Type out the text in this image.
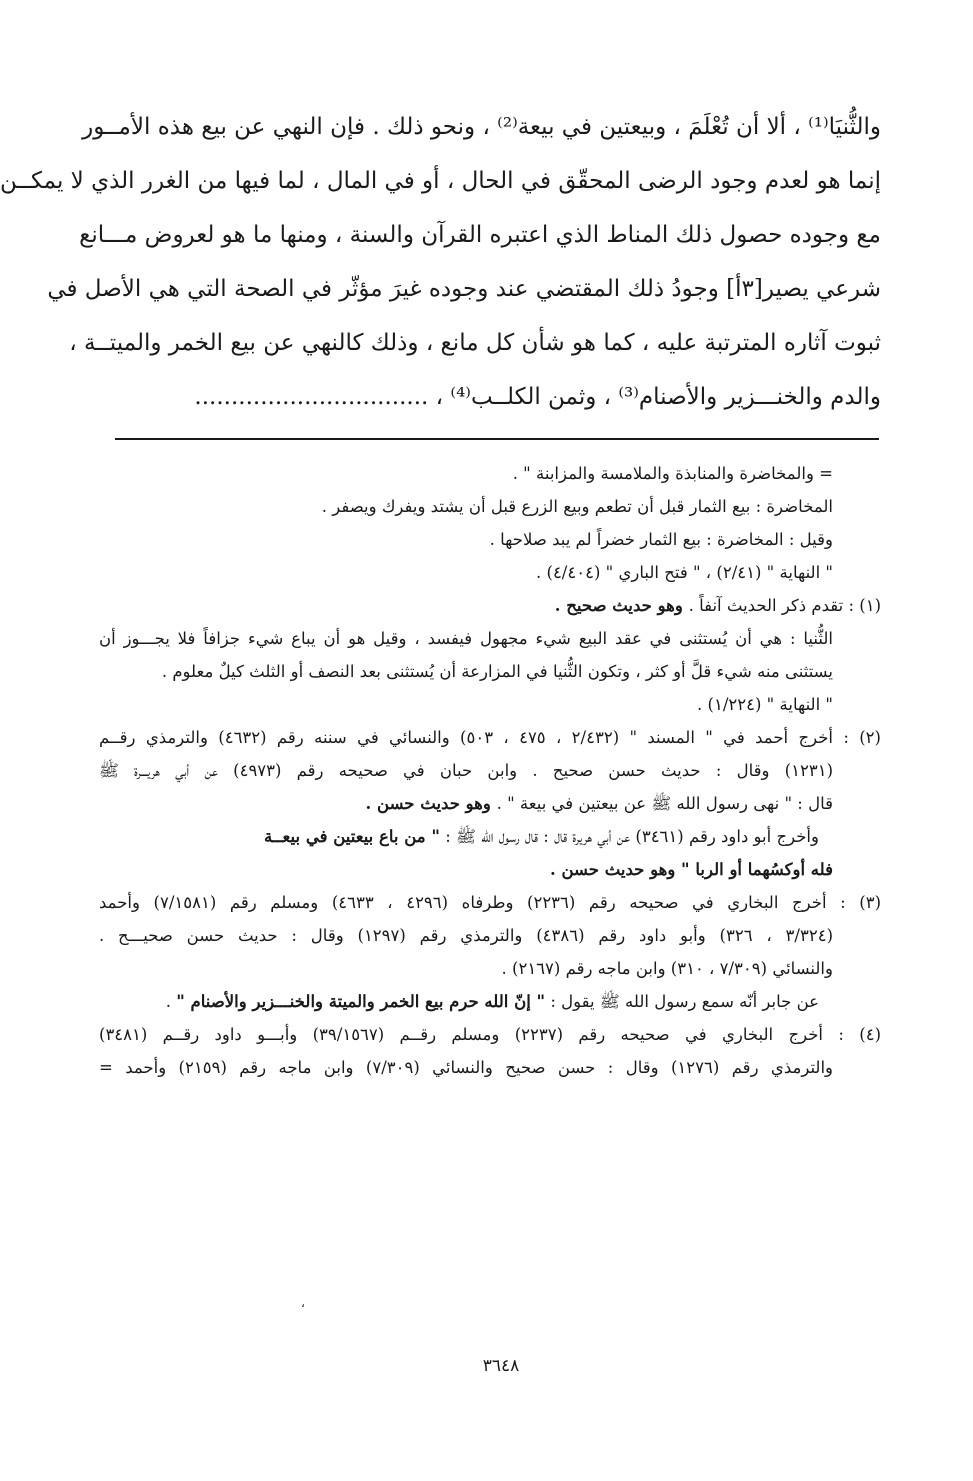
والثُّنيَا⁽¹⁾ ، ألا أن تُعْلَمَ ، وبيعتين في بيعة⁽²⁾ ، ونحو ذلك . فإن النهي عن بيع هذه الأمــور
إنما هو لعدم وجود الرضى المحقّق في الحال ، أو في المال ، لما فيها من الغرر الذي لا يمكــن
مع وجوده حصول ذلك المناط الذي اعتبره القرآن والسنة ، ومنها ما هو لعروض مـــانع
شرعي يصير[٣أ] وجودُ ذلك المقتضي عند وجوده غيرَ مؤثّر في الصحة التي هي الأصل في
ثبوت آثاره المترتبة عليه ، كما هو شأن كل مانع ، وذلك كالنهي عن بيع الخمر والميتــة ،
والدم والخنـــزير والأصنام⁽³⁾ ، وثمن الكلــب⁽⁴⁾ ، ................................
= والمخاضرة والمنابذة والملامسة والمزابنة " .
المخاضرة : بيع الثمار قبل أن تطعم وبيع الزرع قبل أن يشتد ويفرك ويصفر .
وقيل : المخاضرة : بيع الثمار خضراً لم يبد صلاحها .
" النهاية " (٢/٤١) ، " فتح الباري " (٤/٤٠٤) .
(١) : تقدم ذكر الحديث آنفاً . وهو حديث صحيح .
الثُّنيا : هي أن يُستثنى في عقد البيع شيء مجهول فيفسد ، وقيل هو أن يباع شيء جزافاً فلا يجـــوز أن
يستثنى منه شيء قلَّ أو كثر ، وتكون الثُّنيا في المزارعة أن يُستثنى بعد النصف أو الثلث كيلٌ معلوم .
" النهاية " (١/٢٢٤) .
(٢) : أخرج أحمد في " المسند " (٢/٤٣٢ ، ٤٧٥ ، ٥٠٣) والنسائي في سننه رقم (٤٦٣٢) والترمذي رقــم
(١٢٣١) وقال : حديث حسن صحيح . وابن حبان في صحيحه رقم (٤٩٧٣) عن أبي هريـــرة ﷺ
قال : " نهى رسول الله ﷺ عن بيعتين في بيعة " . وهو حديث حسن .
وأخرج أبو داود رقم (٣٤٦١) عن أبي هريرة قال : قال رسول الله ﷺ : " من باع بيعتين في بيعــة
فله أوكسُهما أو الربا " وهو حديث حسن .
(٣) : أخرج البخاري في صحيحه رقم (٢٢٣٦) وطرفاه (٤٢٩٦ ، ٤٦٣٣) ومسلم رقم (٧/١٥٨١) وأحمد
(٣/٣٢٤ ، ٣٢٦) وأبو داود رقم (٤٣٨٦) والترمذي رقم (١٢٩٧) وقال : حديث حسن صحيـــح .
والنسائي (٧/٣٠٩ ، ٣١٠) وابن ماجه رقم (٢١٦٧) .
عن جابر أنّه سمع رسول الله ﷺ يقول : " إنّ الله حرم بيع الخمر والميتة والخنـــزير والأصنام " .
(٤) : أخرج البخاري في صحيحه رقم (٢٢٣٧) ومسلم رقــم (٣٩/١٥٦٧) وأبـــو داود رقــم (٣٤٨١)
والترمذي رقم (١٢٧٦) وقال : حسن صحيح والنسائي (٧/٣٠٩) وابن ماجه رقم (٢١٥٩) وأحمد =
،
٣٦٤٨
